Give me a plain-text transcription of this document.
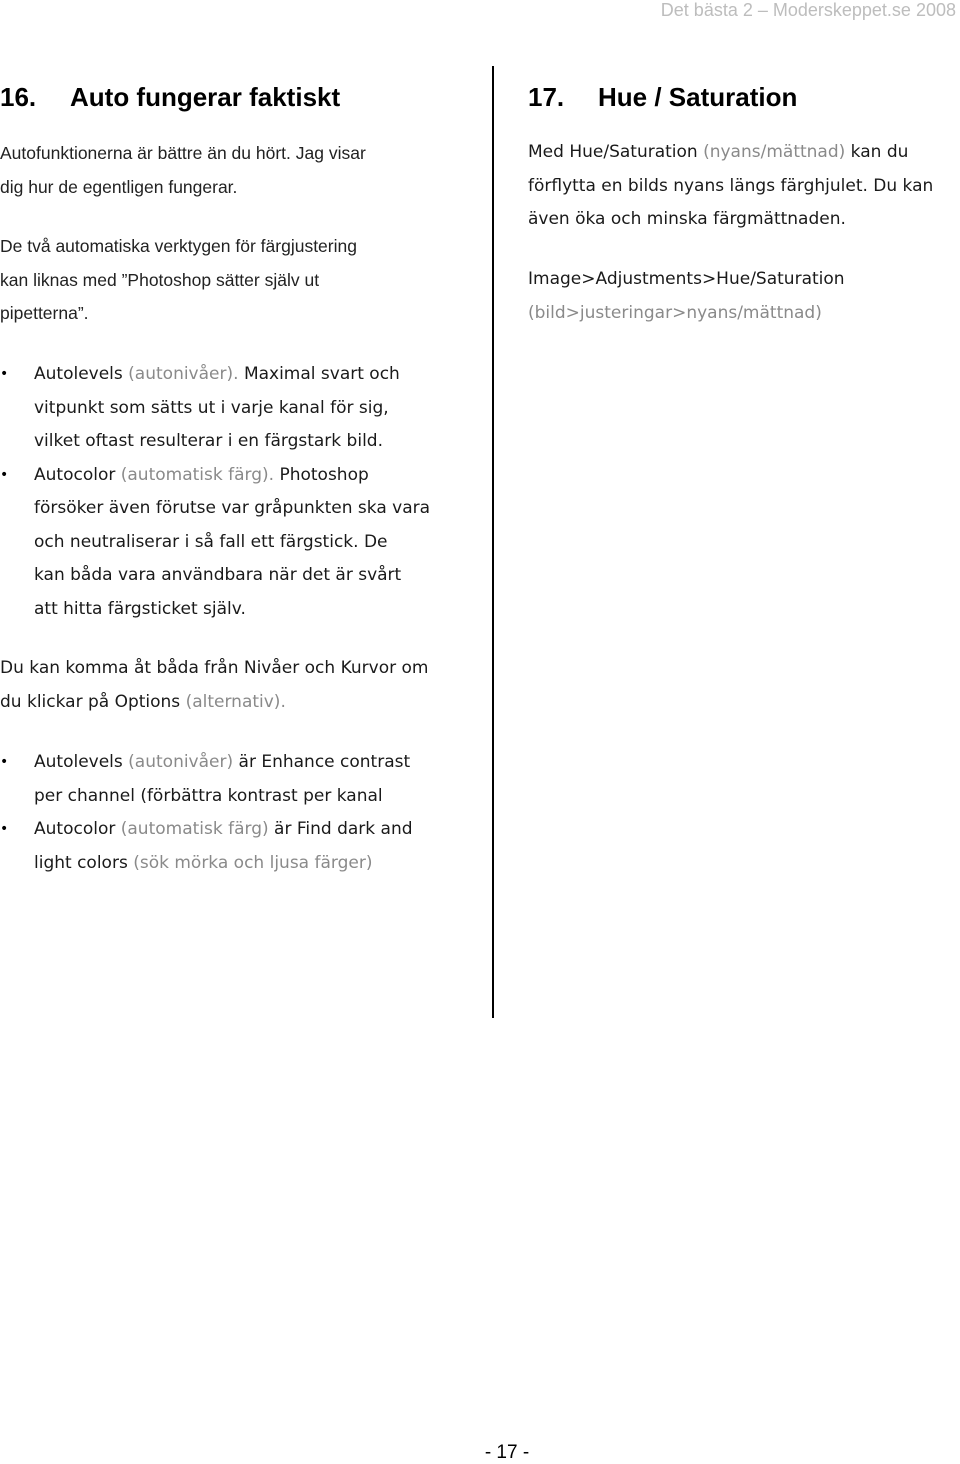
Det bästa 2 – Moderskeppet.se 2008
16. Auto fungerar faktiskt
Autofunktionerna är bättre än du hört. Jag visar
dig hur de egentligen fungerar.
De två automatiska verktygen för färgjustering
kan liknas med ”Photoshop sätter själv ut
pipetterna”.
•	Autolevels (autonivåer). Maximal svart och
vitpunkt som sätts ut i varje kanal för sig,
vilket oftast resulterar i en färgstark bild.
•	Autocolor (automatisk färg). Photoshop
försöker även förutse var gråpunkten ska vara
och neutraliserar i så fall ett färgstick. De
kan båda vara användbara när det är svårt
att hitta färgsticket själv.
Du kan komma åt båda från Nivåer och Kurvor om
du klickar på Options (alternativ).
•	Autolevels (autonivåer) är Enhance contrast
per channel (förbättra kontrast per kanal
•	Autocolor (automatisk färg) är Find dark and
light colors (sök mörka och ljusa färger)
17. Hue / Saturation
Med Hue/Saturation (nyans/mättnad) kan du
förflytta en bilds nyans längs färghjulet. Du kan
även öka och minska färgmättnaden.
Image>Adjustments>Hue/Saturation
(bild>justeringar>nyans/mättnad)
- 17 -
